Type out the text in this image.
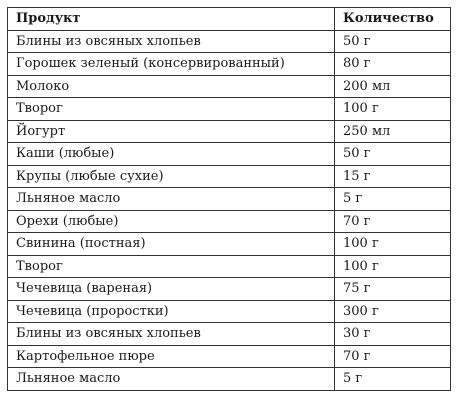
Продукт	Количество
Блины из овсяных хлопьев	50 г
Горошек зеленый (консервированный)	80 г
Молоко	200 мл
Творог	100 г
Йогурт	250 мл
Каши (любые)	50 г
Крупы (любые сухие)	15 г
Льняное масло	5 г
Орехи (любые)	70 г
Свинина (постная)	100 г
Творог	100 г
Чечевица (вареная)	75 г
Чечевица (проростки)	300 г
Блины из овсяных хлопьев	30 г
Картофельное пюре	70 г
Льняное масло	5 г
